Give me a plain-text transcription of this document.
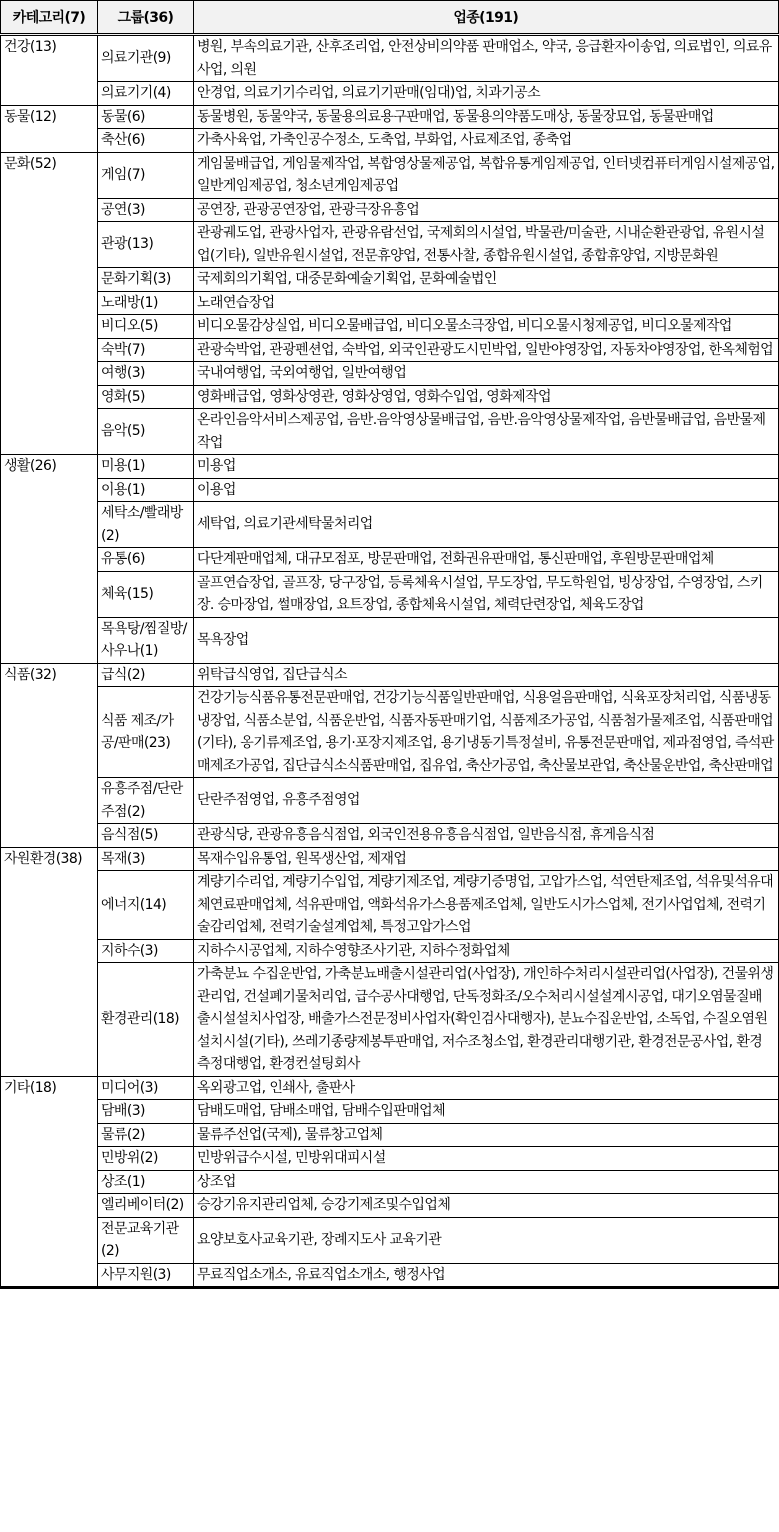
카테고리(7)	그룹(36)	업종(191)
건강(13)	의료기관(9)	병원, 부속의료기관, 산후조리업, 안전상비의약품 판매업소, 약국, 응급환자이송업, 의료법인, 의료유사업, 의원
	의료기기(4)	안경업, 의료기기수리업, 의료기기판매(임대)업, 치과기공소
동물(12)	동물(6)	동물병원, 동물약국, 동물용의료용구판매업, 동물용의약품도매상, 동물장묘업, 동물판매업
	축산(6)	가축사육업, 가축인공수정소, 도축업, 부화업, 사료제조업, 종축업
문화(52)	게임(7)	게임물배급업, 게임물제작업, 복합영상물제공업, 복합유통게임제공업, 인터넷컴퓨터게임시설제공업, 일반게임제공업, 청소년게임제공업
	공연(3)	공연장, 관광공연장업, 관광극장유흥업
	관광(13)	관광궤도업, 관광사업자, 관광유람선업, 국제회의시설업, 박물관/미술관, 시내순환관광업, 유원시설업(기타), 일반유원시설업, 전문휴양업, 전통사찰, 종합유원시설업, 종합휴양업, 지방문화원
	문화기획(3)	국제회의기획업, 대중문화예술기획업, 문화예술법인
	노래방(1)	노래연습장업
	비디오(5)	비디오물감상실업, 비디오물배급업, 비디오물소극장업, 비디오물시청제공업, 비디오물제작업
	숙박(7)	관광숙박업, 관광펜션업, 숙박업, 외국인관광도시민박업, 일반야영장업, 자동차야영장업, 한옥체험업
	여행(3)	국내여행업, 국외여행업, 일반여행업
	영화(5)	영화배급업, 영화상영관, 영화상영업, 영화수입업, 영화제작업
	음악(5)	온라인음악서비스제공업, 음반.음악영상물배급업, 음반.음악영상물제작업, 음반물배급업, 음반물제작업
생활(26)	미용(1)	미용업
	이용(1)	이용업
	세탁소/빨래방(2)	세탁업, 의료기관세탁물처리업
	유통(6)	다단계판매업체, 대규모점포, 방문판매업, 전화권유판매업, 통신판매업, 후원방문판매업체
	체육(15)	골프연습장업, 골프장, 당구장업, 등록체육시설업, 무도장업, 무도학원업, 빙상장업, 수영장업, 스키장. 승마장업, 썰매장업, 요트장업, 종합체육시설업, 체력단련장업, 체육도장업
	목욕탕/찜질방/사우나(1)	목욕장업
식품(32)	급식(2)	위탁급식영업, 집단급식소
	식품 제조/가공/판매(23)	건강기능식품유통전문판매업, 건강기능식품일반판매업, 식용얼음판매업, 식육포장처리업, 식품냉동냉장업, 식품소분업, 식품운반업, 식품자동판매기업, 식품제조가공업, 식품첨가물제조업, 식품판매업(기타), 옹기류제조업, 용기·포장지제조업, 용기냉동기특정설비, 유통전문판매업, 제과점영업, 즉석판매제조가공업, 집단급식소식품판매업, 집유업, 축산가공업, 축산물보관업, 축산물운반업, 축산판매업
	유흥주점/단란주점(2)	단란주점영업, 유흥주점영업
	음식점(5)	관광식당, 관광유흥음식점업, 외국인전용유흥음식점업, 일반음식점, 휴게음식점
자원환경(38)	목재(3)	목재수입유통업, 원목생산업, 제재업
	에너지(14)	계량기수리업, 계량기수입업, 계량기제조업, 계량기증명업, 고압가스업, 석연탄제조업, 석유및석유대체연료판매업체, 석유판매업, 액화석유가스용품제조업체, 일반도시가스업체, 전기사업업체, 전력기술감리업체, 전력기술설계업체, 특정고압가스업
	지하수(3)	지하수시공업체, 지하수영향조사기관, 지하수정화업체
	환경관리(18)	가축분뇨 수집운반업, 가축분뇨배출시설관리업(사업장), 개인하수처리시설관리업(사업장), 건물위생관리업, 건설폐기물처리업, 급수공사대행업, 단독정화조/오수처리시설설계시공업, 대기오염물질배출시설설치사업장, 배출가스전문정비사업자(확인검사대행자), 분뇨수집운반업, 소독업, 수질오염원설치시설(기타), 쓰레기종량제봉투판매업, 저수조청소업, 환경관리대행기관, 환경전문공사업, 환경측정대행업, 환경컨설팅회사
기타(18)	미디어(3)	옥외광고업, 인쇄사, 출판사
	담배(3)	담배도매업, 담배소매업, 담배수입판매업체
	물류(2)	물류주선업(국제), 물류창고업체
	민방위(2)	민방위급수시설, 민방위대피시설
	상조(1)	상조업
	엘리베이터(2)	승강기유지관리업체, 승강기제조및수입업체
	전문교육기관(2)	요양보호사교육기관, 장례지도사 교육기관
	사무지원(3)	무료직업소개소, 유료직업소개소, 행정사업
